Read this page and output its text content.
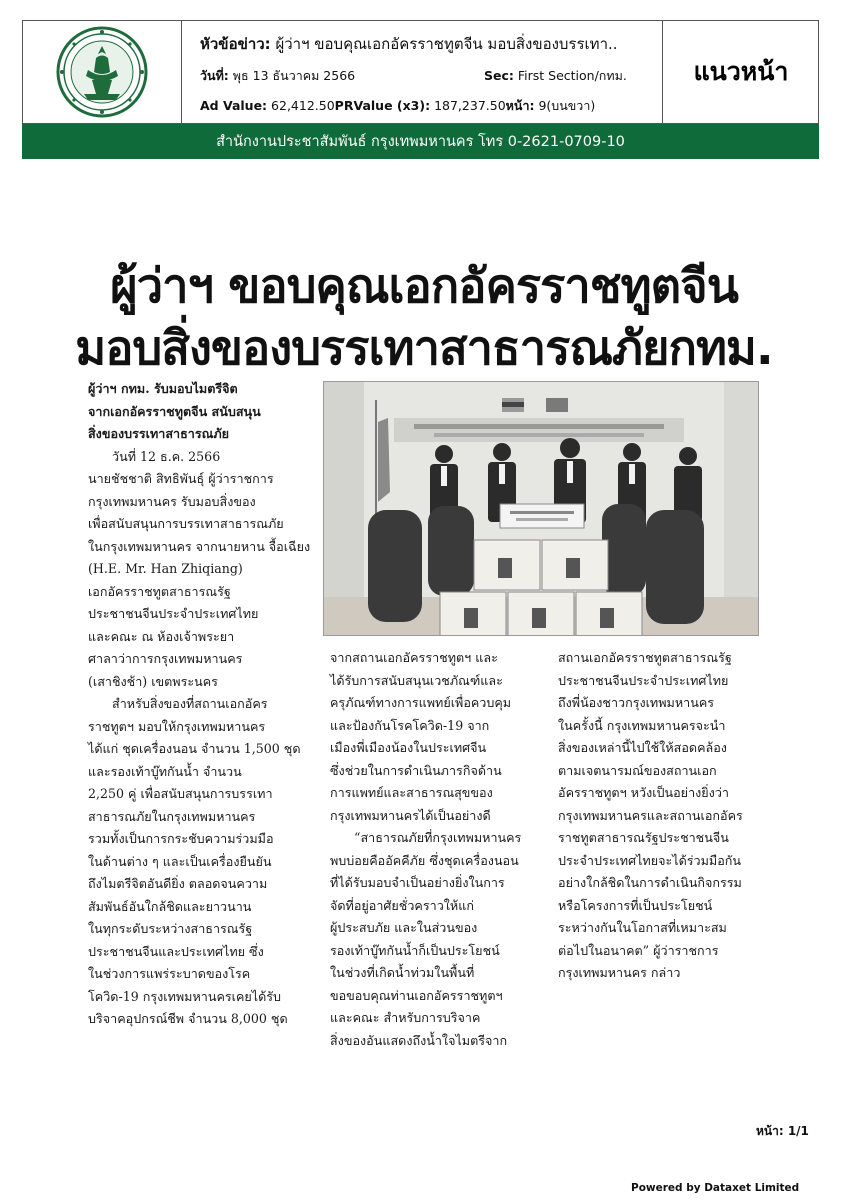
หัวข้อข่าว: ผู้ว่าฯ ขอบคุณเอกอัครราชทูตจีน มอบสิ่งของบรรเทา..
วันที่: พุธ 13 ธันวาคม 2566	Sec: First Section/กทม.
Ad Value: 62,412.50PRValue (x3): 187,237.50หน้า: 9(บนขวา)
แนวหน้า
สำนักงานประชาสัมพันธ์ กรุงเทพมหานคร โทร 0-2621-0709-10
ผู้ว่าฯ ขอบคุณเอกอัครราชทูตจีน
มอบสิ่งของบรรเทาสาธารณภัยกทม.
ผู้ว่าฯ กทม. รับมอบไมตรีจิต
จากเอกอัครราชทูตจีน สนับสนุน
สิ่งของบรรเทาสาธารณภัย
วันที่ 12 ธ.ค. 2566
นายชัชชาติ สิทธิพันธุ์ ผู้ว่าราชการ
กรุงเทพมหานคร รับมอบสิ่งของ
เพื่อสนับสนุนการบรรเทาสาธารณภัย
ในกรุงเทพมหานคร จากนายหาน จื้อเฉียง
(H.E. Mr. Han Zhiqiang)
เอกอัครราชทูตสาธารณรัฐ
ประชาชนจีนประจำประเทศไทย
และคณะ ณ ห้องเจ้าพระยา
ศาลาว่าการกรุงเทพมหานคร
(เสาชิงช้า) เขตพระนคร
สำหรับสิ่งของที่สถานเอกอัคร
ราชทูตฯ มอบให้กรุงเทพมหานคร
ได้แก่ ชุดเครื่องนอน จำนวน 1,500 ชุด
และรองเท้าบู๊ทกันน้ำ จำนวน
2,250 คู่ เพื่อสนับสนุนการบรรเทา
สาธารณภัยในกรุงเทพมหานคร
รวมทั้งเป็นการกระชับความร่วมมือ
ในด้านต่าง ๆ และเป็นเครื่องยืนยัน
ถึงไมตรีจิตอันดียิ่ง ตลอดจนความ
สัมพันธ์อันใกล้ชิดและยาวนาน
ในทุกระดับระหว่างสาธารณรัฐ
ประชาชนจีนและประเทศไทย ซึ่ง
ในช่วงการแพร่ระบาดของโรค
โควิด-19 กรุงเทพมหานครเคยได้รับ
บริจาคอุปกรณ์ชีพ จำนวน 8,000 ชุด
จากสถานเอกอัครราชทูตฯ และ
ได้รับการสนับสนุนเวชภัณฑ์และ
ครุภัณฑ์ทางการแพทย์เพื่อควบคุม
และป้องกันโรคโควิด-19 จาก
เมืองพี่เมืองน้องในประเทศจีน
ซึ่งช่วยในการดำเนินภารกิจด้าน
การแพทย์และสาธารณสุขของ
กรุงเทพมหานครได้เป็นอย่างดี
“สาธารณภัยที่กรุงเทพมหานคร
พบบ่อยคืออัคคีภัย ซึ่งชุดเครื่องนอน
ที่ได้รับมอบจำเป็นอย่างยิ่งในการ
จัดที่อยู่อาศัยชั่วคราวให้แก่
ผู้ประสบภัย และในส่วนของ
รองเท้าบู๊ทกันน้ำก็เป็นประโยชน์
ในช่วงที่เกิดน้ำท่วมในพื้นที่
ขอขอบคุณท่านเอกอัครราชทูตฯ
และคณะ สำหรับการบริจาค
สิ่งของอันแสดงถึงน้ำใจไมตรีจาก
สถานเอกอัครราชทูตสาธารณรัฐ
ประชาชนจีนประจำประเทศไทย
ถึงพี่น้องชาวกรุงเทพมหานคร
ในครั้งนี้ กรุงเทพมหานครจะนำ
สิ่งของเหล่านี้ไปใช้ให้สอดคล้อง
ตามเจตนารมณ์ของสถานเอก
อัครราชทูตฯ หวังเป็นอย่างยิ่งว่า
กรุงเทพมหานครและสถานเอกอัคร
ราชทูตสาธารณรัฐประชาชนจีน
ประจำประเทศไทยจะได้ร่วมมือกัน
อย่างใกล้ชิดในการดำเนินกิจกรรม
หรือโครงการที่เป็นประโยชน์
ระหว่างกันในโอกาสที่เหมาะสม
ต่อไปในอนาคต” ผู้ว่าราชการ
กรุงเทพมหานคร กล่าว
หน้า: 1/1
Powered by Dataxet Limited
